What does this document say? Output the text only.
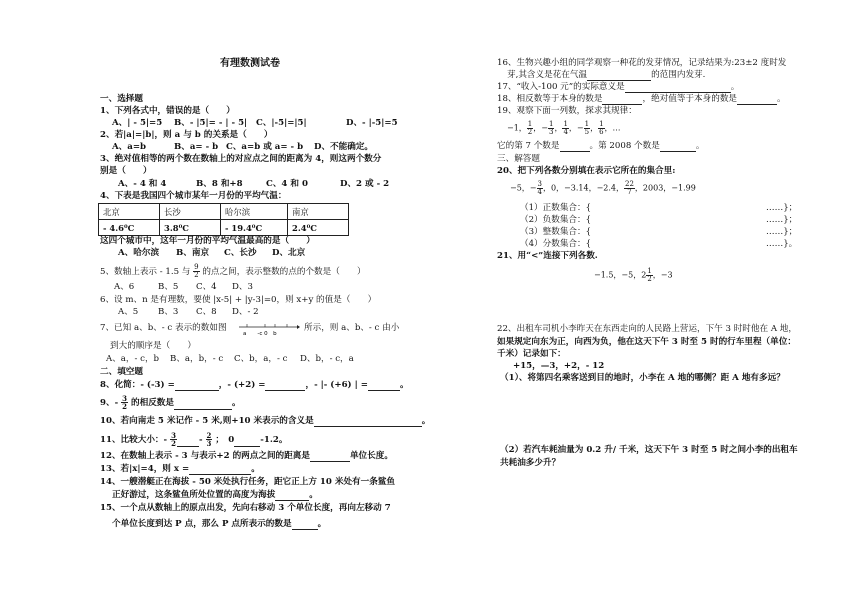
有理数测试卷
一、选择题
1、下列各式中，错误的是（　　）
A、| - 5|=5 B、- |5|= - | - 5| C、|-5|=|5|	D、- |-5|=5
2、若|a|=|b|，则 a 与 b 的关系是（　　）
A、a=b	B、a= - b C、a=b 或 a= - b D、不能确定。
3、绝对值相等的两个数在数轴上的对应点之间的距离为 4，则这两个数分
别是（　　）
A、- 4 和 4	B、8 和+8	C、4 和 0	D、2 或 - 2
4、下表是我国四个城市某年一月份的平均气温：
北京	长沙	哈尔滨	南京
- 4.6⁰C	3.8⁰C	- 19.4⁰C	2.4⁰C
这四个城市中，这年一月份的平均气温最高的是（　　）
A、哈尔滨 B、南京 C、长沙 D、北京
5、数轴上表示 - 1.5 与 $\frac{9}{2}$ 的点之间，表示整数的点的个数是（　　）
A、6	B、5 C、4 D、3
6、设 m、n 是有理数，要使 |x-5| + |y-3|=0，则 x+y 的值是（　　）
A、5 B、3 C、8 D、- 2
7、已知 a、b、- c 表示的数如图
a　　-c 0　b
所示，则 a、b、- c 由小
到大的顺序是（　　）
A、a，- c，b B、a，b，- c C、b，a，- c D、b，- c，a
二、填空题
8、化简：- (-3) =	，- (+2) =	，- |- (+6) | =	。
9、- $\frac{3}{2}$ 的相反数是	。
10、若向南走 5 米记作 - 5 米,则+10 米表示的含义是	。
11、比较大小：- $\frac{3}{2}$	- $\frac{2}{3}$ ；　0	-1.2。
12、在数轴上表示 - 3 与表示+2 的两点之间的距离是	单位长度。
13、若|x|=4，则 x =	。
14、一艘潜艇正在海拔 - 50 米处执行任务，距它正上方 10 米处有一条鲨鱼
正好游过，这条鲨鱼所处位置的高度为海拔	。
15、一个点从数轴上的原点出发，先向右移动 3 个单位长度，再向左移动 7
个单位长度到达 P 点，那么 P 点所表示的数是	。
16、生物兴趣小组的同学观察一种花的发芽情况，记录结果为:23±2 度时发
芽,其含义是花在气温	的范围内发芽.
17、“收入-100 元”的实际意义是	。
18、相反数等于本身的数是	，绝对值等于本身的数是	。
19、观察下面一列数，探求其规律：
−1， $\frac{1}{2}$ ，− $\frac{1}{3}$ ， $\frac{1}{4}$ ，− $\frac{1}{5}$ ， $\frac{1}{6}$ ，…
它的第 7 个数是	。第 2008 个数是	。
三、解答题
20、把下列各数分别填在表示它所在的集合里:
−5，− $\frac{3}{4}$ ，0，−3.14，−2.4， $\frac{22}{7}$ ，2003，−1.99
（1）正数集合：{	……}；
（2）负数集合：{	……}；
（3）整数集合：{	……}；
（4）分数集合：{	……}。
21、用“<”连接下列各数.
−1.5，−5，$2 \frac{1}{2}$ ，−3
22、出租车司机小李昨天在东西走向的人民路上营运，下午 3 时时他在 A 地，
如果规定向东为正，向西为负，他在这天下午 3 时至 5 时的行车里程（单位：
千米）记录如下：
+15，—3，+2，- 12
（1）、将第四名乘客送到目的地时，小李在 A 地的哪侧？距 A 地有多远？
（2）若汽车耗油量为 0.2 升/ 千米，这天下午 3 时至 5 时之间小李的出租车
共耗油多少升？
